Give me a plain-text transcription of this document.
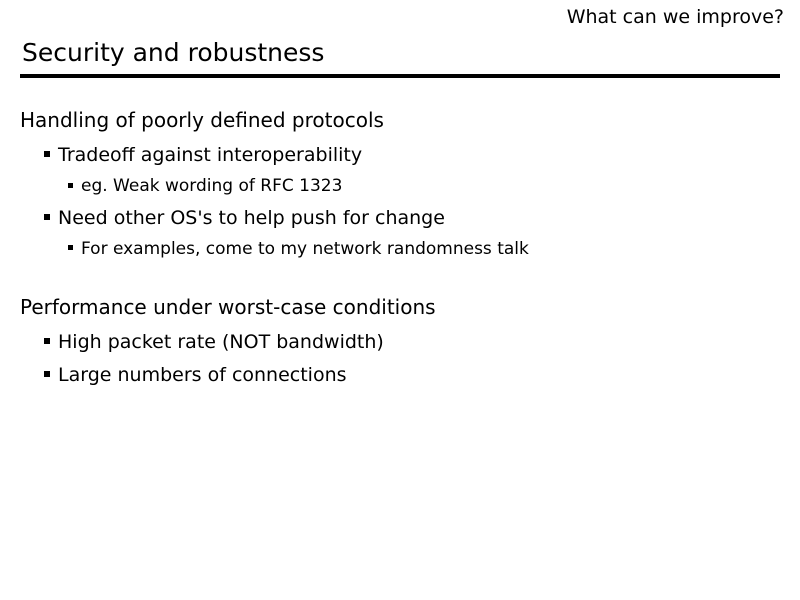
What can we improve?
Security and robustness

Handling of poorly defined protocols

Tradeoff against interoperability

eg. Weak wording of RFC 1323

Need other OS's to help push for change

For examples, come to my network randomness talk

Performance under worst-case conditions

High packet rate (NOT bandwidth)

Large numbers of connections
